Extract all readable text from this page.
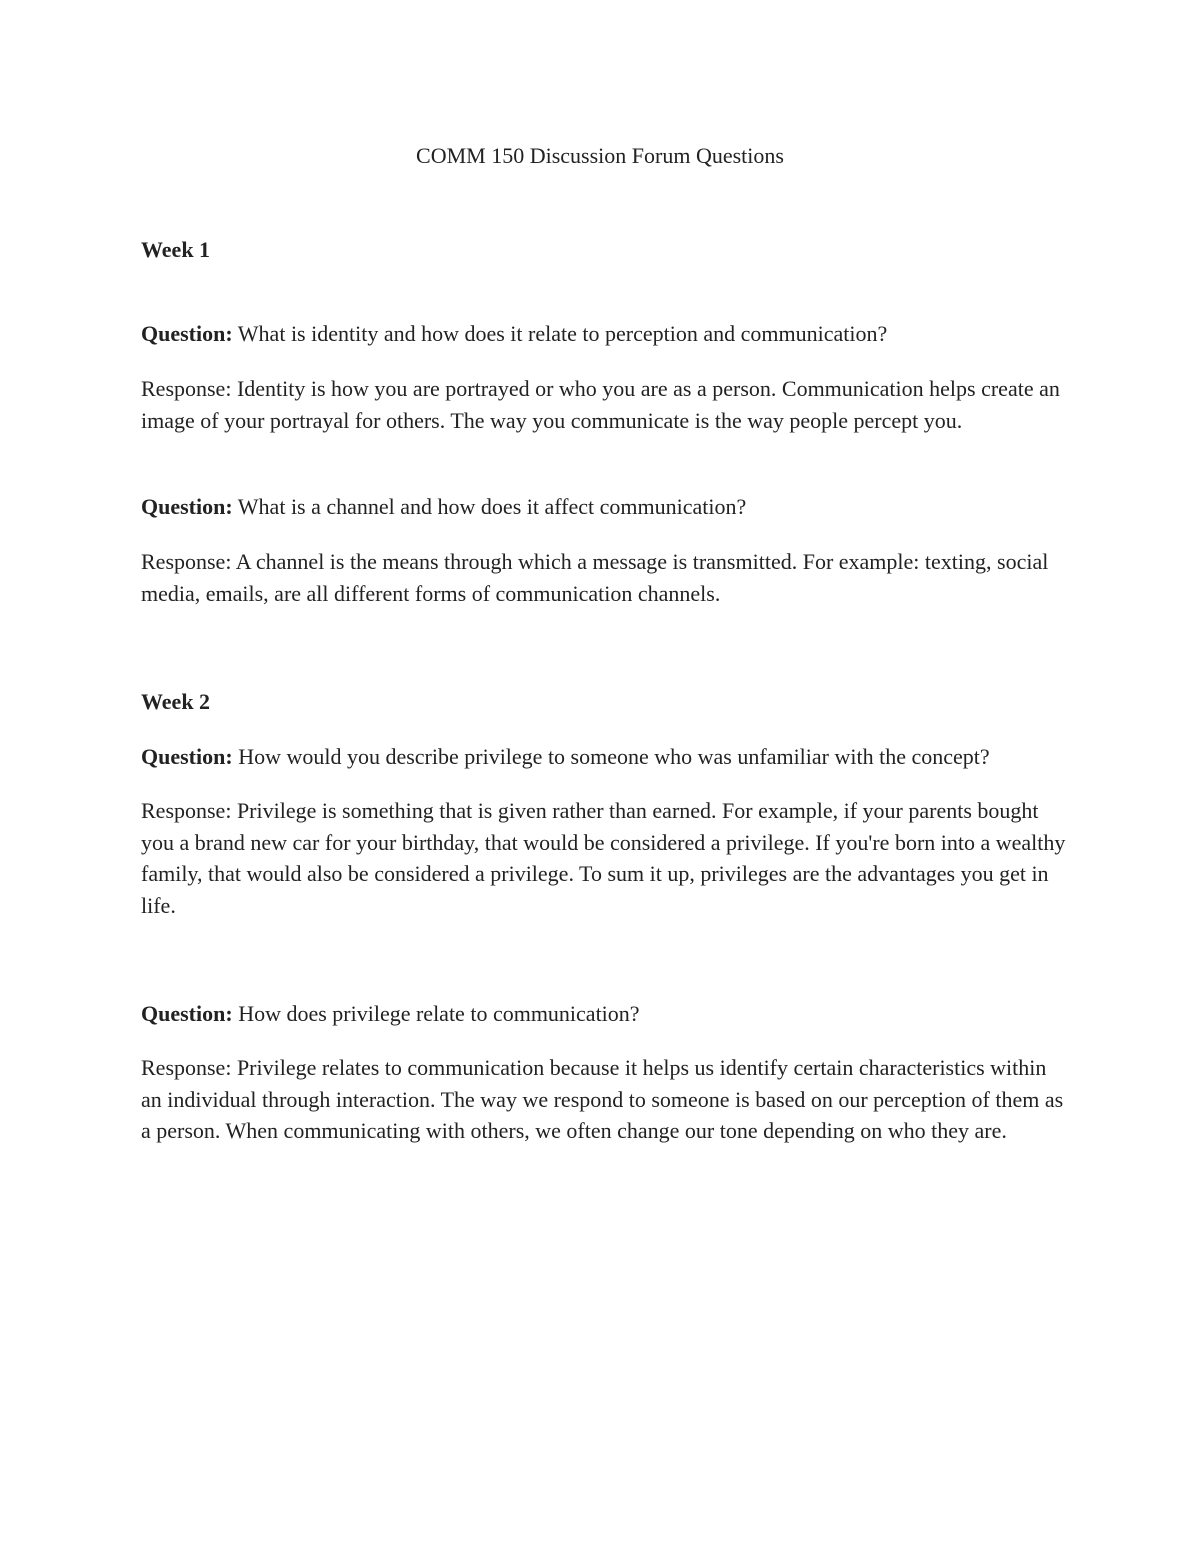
COMM 150 Discussion Forum Questions
Week 1

Question: What is identity and how does it relate to perception and communication?

Response: Identity is how you are portrayed or who you are as a person. Communication helps create an image of your portrayal for others. The way you communicate is the way people percept you.

Question: What is a channel and how does it affect communication?

Response: A channel is the means through which a message is transmitted. For example: texting, social media, emails, are all different forms of communication channels.

Week 2

Question: How would you describe privilege to someone who was unfamiliar with the concept?

Response: Privilege is something that is given rather than earned. For example, if your parents bought you a brand new car for your birthday, that would be considered a privilege. If you're born into a wealthy family, that would also be considered a privilege. To sum it up, privileges are the advantages you get in life.

Question: How does privilege relate to communication?

Response: Privilege relates to communication because it helps us identify certain characteristics within an individual through interaction. The way we respond to someone is based on our perception of them as a person. When communicating with others, we often change our tone depending on who they are.
